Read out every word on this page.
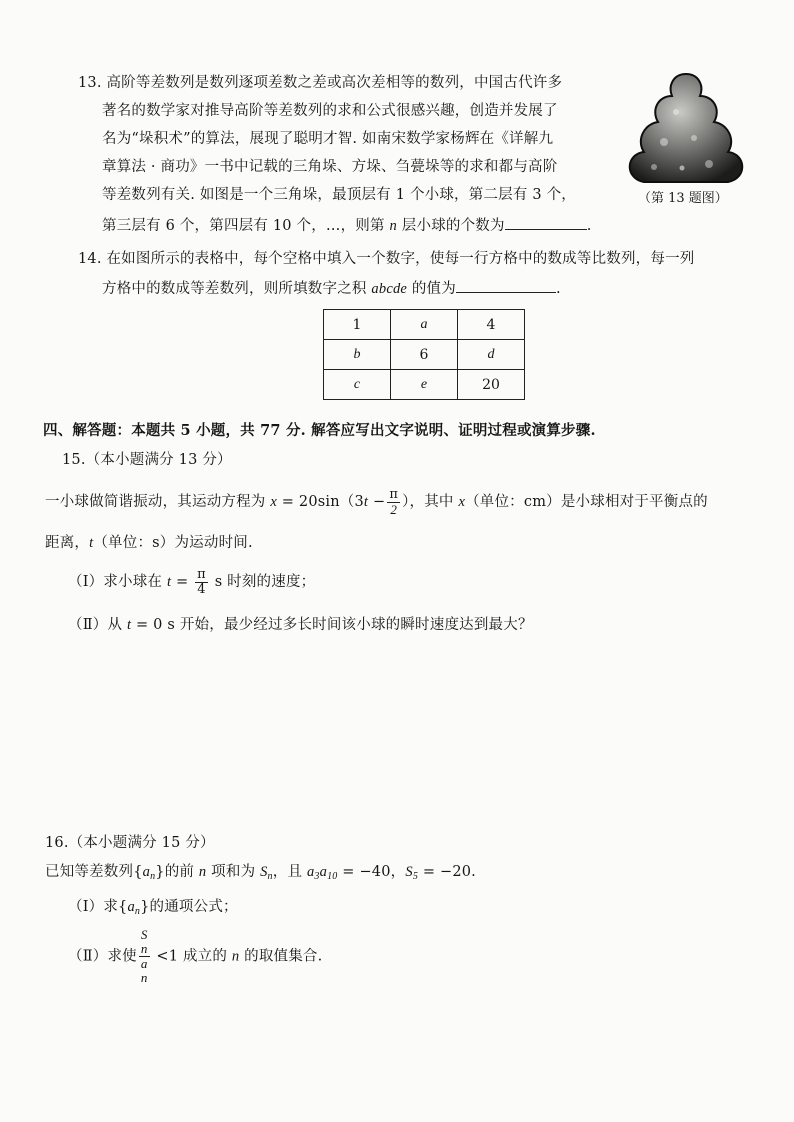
13. 高阶等差数列是数列逐项差数之差或高次差相等的数列，中国古代许多
著名的数学家对推导高阶等差数列的求和公式很感兴趣，创造并发展了
名为“垛积术”的算法，展现了聪明才智. 如南宋数学家杨辉在《详解九
章算法 · 商功》一书中记载的三角垛、方垛、刍甍垛等的求和都与高阶
等差数列有关. 如图是一个三角垛，最顶层有 1 个小球，第二层有 3 个，
第三层有 6 个，第四层有 10 个，…，则第 n 层小球的个数为	.
（第 13 题图）
14. 在如图所示的表格中，每个空格中填入一个数字，使每一行方格中的数成等比数列，每一列
方格中的数成等差数列，则所填数字之积 abcde 的值为	.
1	a	4
b	6	d
c	e	20
四、解答题：本题共 5 小题，共 77 分. 解答应写出文字说明、证明过程或演算步骤.
15.（本小题满分 13 分）
一小球做简谐振动，其运动方程为 $x = 20\sin(3t - \frac{\pi}{2}$ ），其中 x（单位：cm）是小球相对于平衡点的
距离，t（单位：s）为运动时间.
（Ⅰ）求小球在 $t = \frac{\pi}{4}$ s 时刻的速度；
（Ⅱ）从 t = 0 s 开始，最少经过多长时间该小球的瞬时速度达到最大？
16.（本小题满分 15 分）
已知等差数列$\{a_n\}$的前 n 项和为 $S_n$，且 $a_3a_{10} = -40$，$S_5 = -20$.
（Ⅰ）求$\{a_n\}$的通项公式；
（Ⅱ）求使 S
n
a
n <1 成立的 n 的取值集合.
